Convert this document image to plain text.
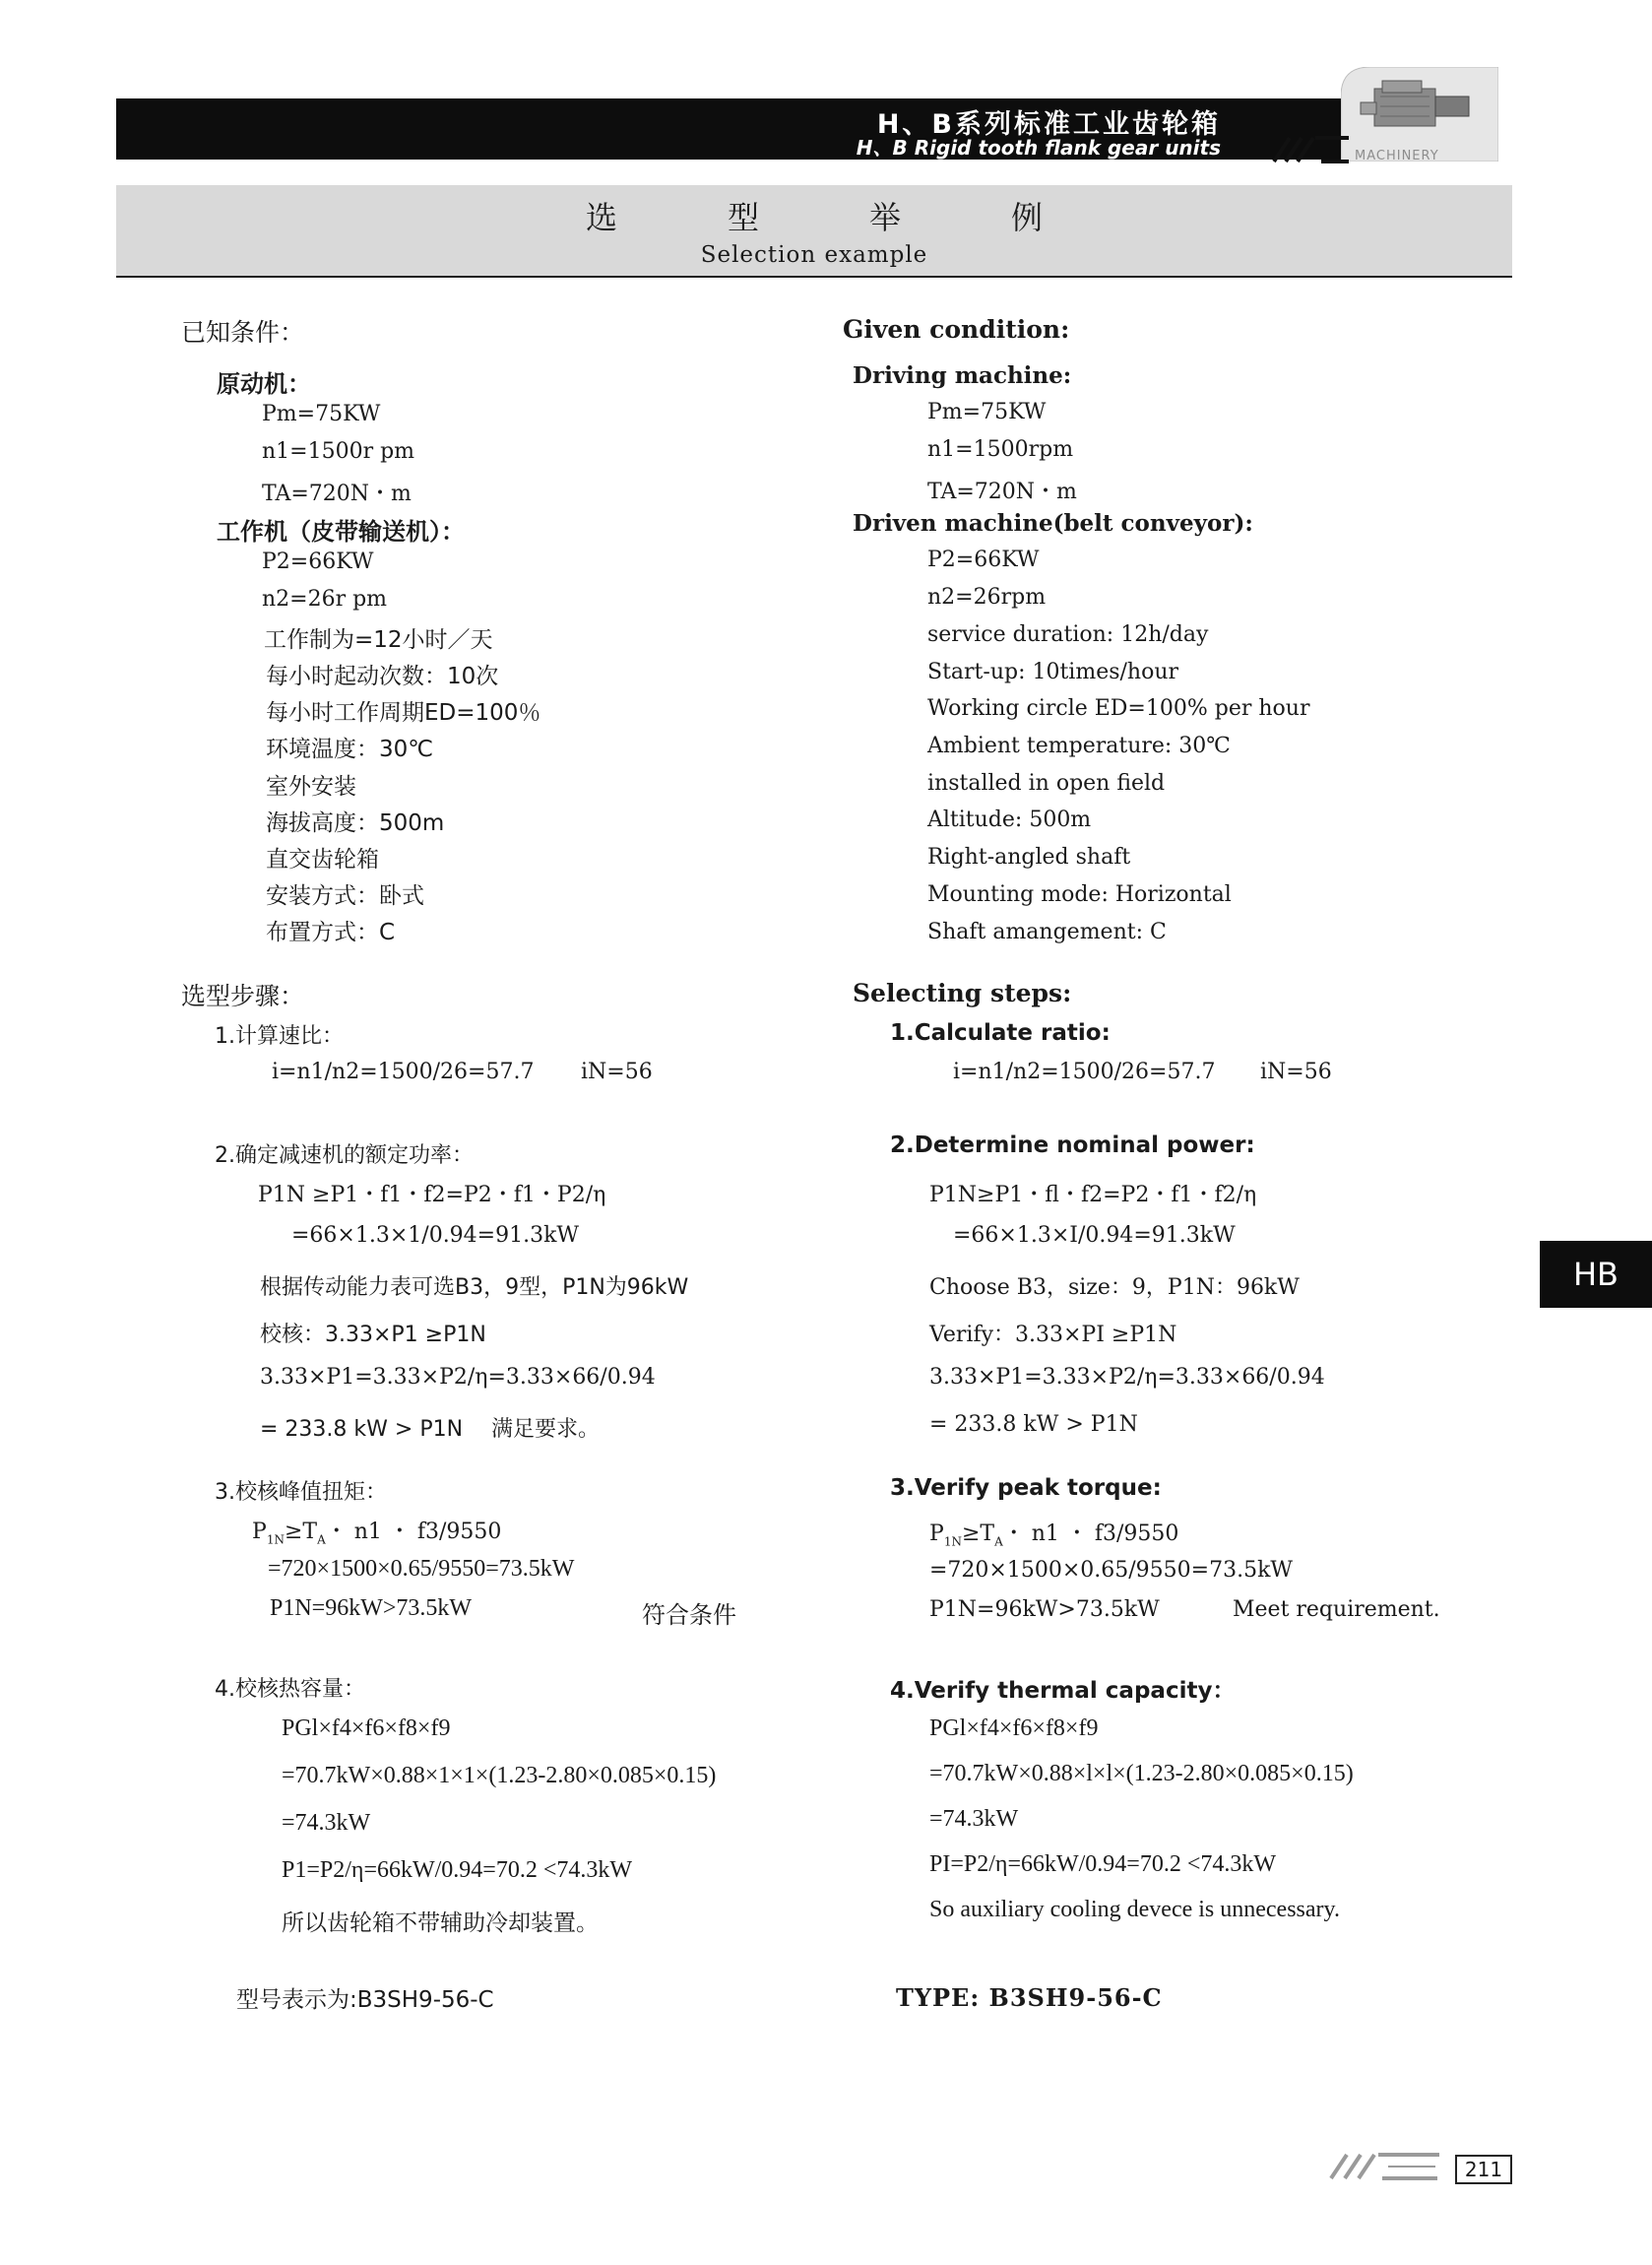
H、B系列标准工业齿轮箱
H、B Rigid tooth flank gear units	MACHINERY
选　型　举　例
Selection example
已知条件：
原动机：
Pm=75KW
n1=1500r pm
TA=720N・m
工作机（皮带输送机）：
P2=66KW
n2=26r pm
工作制为=12小时／天
每小时起动次数：10次
每小时工作周期ED=100％
环境温度：30℃
室外安装
海拔高度：500m
直交齿轮箱
安装方式：卧式
布置方式：C
选型步骤：
1.计算速比：
i=n1/n2=1500/26=57.7 iN=56
2.确定减速机的额定功率：
P1N ≥P1・f1・f2=P2・f1・P2/η
=66×1.3×1/0.94=91.3kW
根据传动能力表可选B3，9型，P1N为96kW
校核：3.33×P1 ≥P1N
3.33×P1=3.33×P2/η=3.33×66/0.94
= 233.8 kW > P1N　 满足要求。
3.校核峰值扭矩：
$P_{1N}\ge T_A$・ n1 ・ f3/9550
=720×1500×0.65/9550=73.5kW
P1N=96kW>73.5kW	符合条件
4.校核热容量：
PGl×f4×f6×f8×f9
=70.7kW×0.88×1×1×(1.23-2.80×0.085×0.15)
=74.3kW
P1=P2/η=66kW/0.94=70.2 <74.3kW
所以齿轮箱不带辅助冷却装置。
型号表示为:B3SH9-56-C
Given condition:
Driving machine:
Pm=75KW
n1=1500rpm
TA=720N・m
Driven machine(belt conveyor):
P2=66KW
n2=26rpm
service duration: 12h/day
Start-up: 10times/hour
Working circle ED=100% per hour
Ambient temperature: 30℃
installed in open field
Altitude: 500m
Right-angled shaft
Mounting mode: Horizontal
Shaft amangement: C
Selecting steps:
1.Calculate ratio:
i=n1/n2=1500/26=57.7 iN=56
2.Determine nominal power:
P1N≥P1・fl・f2=P2・f1・f2/η
=66×1.3×I/0.94=91.3kW
Choose B3，size：9，P1N：96kW
Verify：3.33×PI ≥P1N
3.33×P1=3.33×P2/η=3.33×66/0.94
= 233.8 kW > P1N
3.Verify peak torque:
$P_{1N}\ge T_A$・ n1 ・ f3/9550
=720×1500×0.65/9550=73.5kW
P1N=96kW>73.5kW	Meet requirement.
4.Verify thermal capacity：
PGl×f4×f6×f8×f9
=70.7kW×0.88×l×l×(1.23-2.80×0.085×0.15)
=74.3kW
PI=P2/η=66kW/0.94=70.2 <74.3kW
So auxiliary cooling devece is unnecessary.
TYPE: B3SH9-56-C
HB
211
